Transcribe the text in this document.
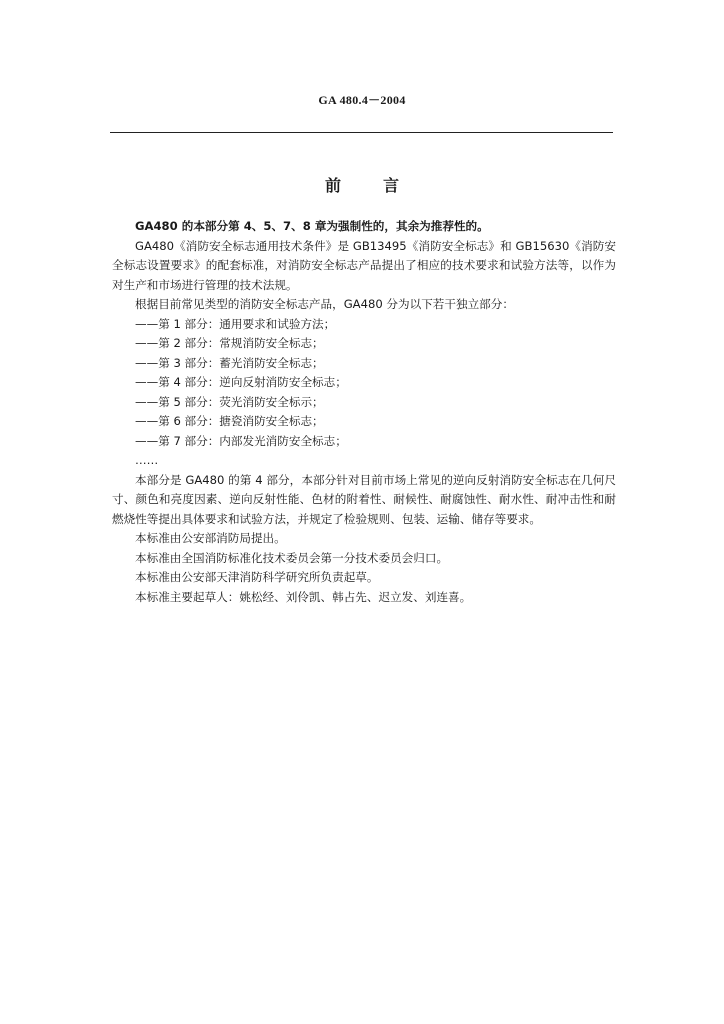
GA 480.4－2004
前	言

GA480 的本部分第 4、5、7、8 章为强制性的，其余为推荐性的。

GA480《消防安全标志通用技术条件》是 GB13495《消防安全标志》和 GB15630《消防安全标志设置要求》的配套标准，对消防安全标志产品提出了相应的技术要求和试验方法等，以作为对生产和市场进行管理的技术法规。

根据目前常见类型的消防安全标志产品，GA480 分为以下若干独立部分：

——第 1 部分：通用要求和试验方法；

——第 2 部分：常规消防安全标志；

——第 3 部分：蓄光消防安全标志；

——第 4 部分：逆向反射消防安全标志；

——第 5 部分：荧光消防安全标示；

——第 6 部分：搪瓷消防安全标志；

——第 7 部分：内部发光消防安全标志；

……

本部分是 GA480 的第 4 部分，本部分针对目前市场上常见的逆向反射消防安全标志在几何尺寸、颜色和亮度因素、逆向反射性能、色材的附着性、耐候性、耐腐蚀性、耐水性、耐冲击性和耐燃烧性等提出具体要求和试验方法，并规定了检验规则、包装、运输、储存等要求。

本标准由公安部消防局提出。

本标准由全国消防标准化技术委员会第一分技术委员会归口。

本标准由公安部天津消防科学研究所负责起草。

本标准主要起草人：姚松经、刘伶凯、韩占先、迟立发、刘连喜。
